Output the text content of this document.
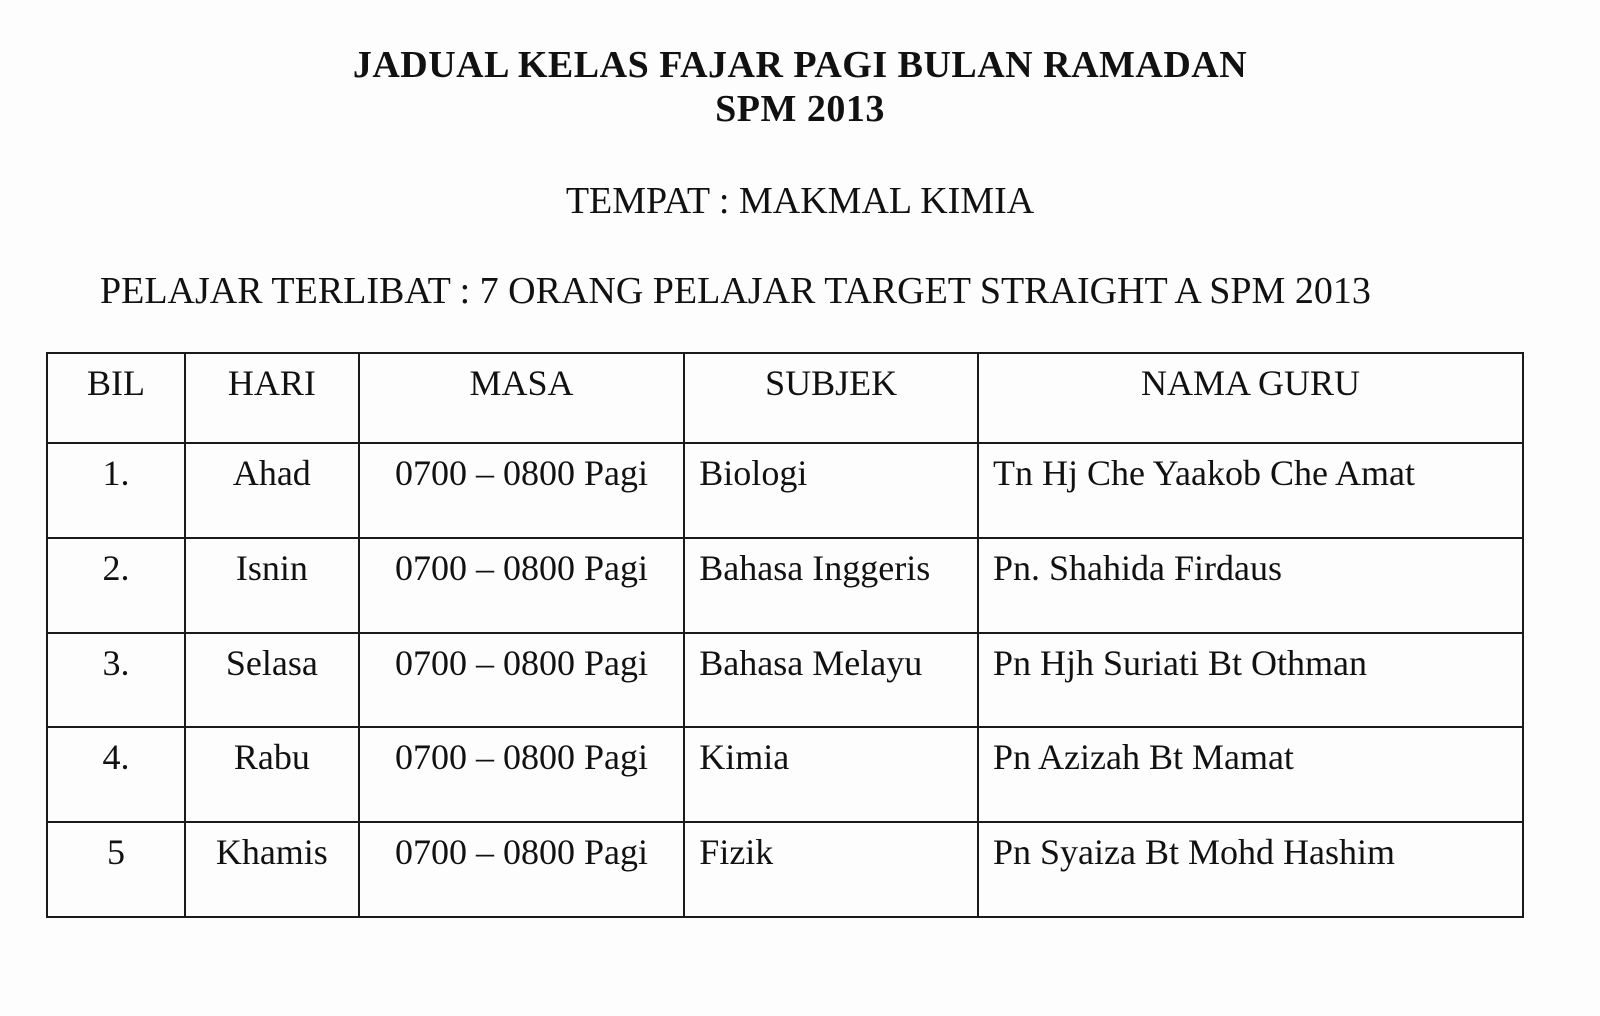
JADUAL KELAS FAJAR PAGI BULAN RAMADAN
SPM 2013
TEMPAT : MAKMAL KIMIA
PELAJAR TERLIBAT : 7 ORANG PELAJAR TARGET STRAIGHT A SPM 2013
BIL	HARI	MASA	SUBJEK	NAMA GURU
1.	Ahad	0700 – 0800 Pagi	Biologi	Tn Hj Che Yaakob Che Amat
2.	Isnin	0700 – 0800 Pagi	Bahasa Inggeris	Pn. Shahida Firdaus
3.	Selasa	0700 – 0800 Pagi	Bahasa Melayu	Pn Hjh Suriati Bt Othman
4.	Rabu	0700 – 0800 Pagi	Kimia	Pn Azizah Bt Mamat
5	Khamis	0700 – 0800 Pagi	Fizik	Pn Syaiza Bt Mohd Hashim
